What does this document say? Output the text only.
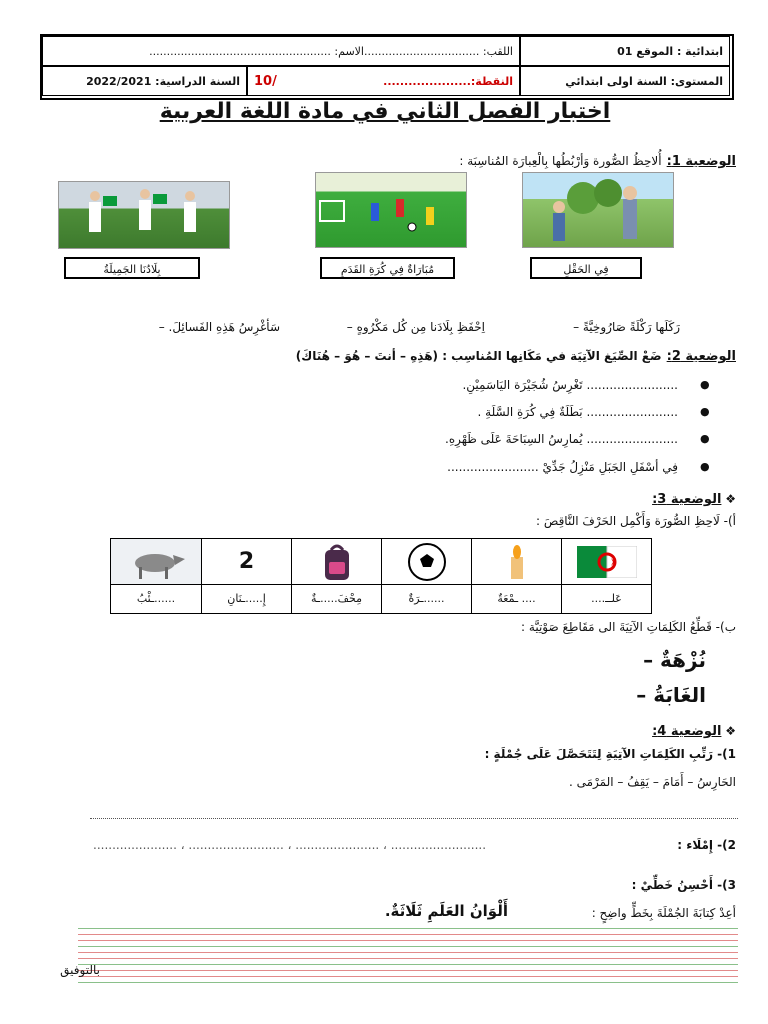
ابتدائية : الموقع 01
اللقب: .................................الاسم: ....................................................
المستوى: السنة اولى ابتدائي
10/	النقطة:.....................
السنة الدراسية: 2022/2021
اختبار الفصل الثاني في مادة اللغة العربية
الوضعية 1: أُلاحِظُ الصُّورة وَأرْبُطُها بِالْعِبارَة المُناسِبَة :
فِي الحَقْلِ
مُبَارَاةٌ فِي كُرَةِ القَدَمِ
بِلَادُنَا الجَمِيلَةُ
رَكَلَها رَكْلَةً صَارُوخِيَّةً –
اِحْفَظِ بِلَادَنا مِن كُل مَكْرُوهٍ –
سَأغْرِسُ هَذِهِ الفَسائِلَ. –
الوضعية 2: ضَعْ الصِّيَغ الآتِيَة في مَكَانِها المُناسِب : (هَذِهِ – أنتَ – هُوَ – هُنَاكَ)
........................ تَغْرِسُ شُجَيْرَة اليَاسَمِيْنِ. ●
........................ بَطَلَةٌ فِي كُرَةِ السَّلَةِ . ●
........................ يُمارِسُ السِبَاحَةَ عَلَى ظَهْرِهِ. ●
فِي أسْفَلِ الجَبَلِ مَنْزِلُ جَدِّيْ ........................ ●
❖ الوضعية 3:
أ)- لَاحِظِ الصُّورَة وَأَكْمِل الحَرْفَ النَّاقِصَ :
عَلــ....
.... ـمْعَةٌ
......ـرَةٌ
مِحْفَ.....ـةٌ
2
إِ.....ـنَانِ
......ـئْبُ
ب)- قَطِّعُ الكَلِمَاتِ الآتِيَةَ الى مَقَاطِعَ صَوْتِيَّة :
نُزْهَةٌ –
الغَابَةُ –
❖ الوضعية 4:
1)- رَتِّبِ الكَلِمَاتِ الآتِيَةِ لِتَتَحَصَّلَ عَلَى جُمْلَةٍ :
الحَارِسُ – أَمَامَ – يَقِفُ – المَرْمَى .
2)- إِمْلَاء :
...................... ، ......................... ، ...................... ، .........................
3)- أَحْسِنُ خَطِّيْ :
أعِدْ كِتابَةَ الجُمْلَةَ بِخَطٍّ واضِحٍ :
أَلْوَانُ العَلَمِ ثَلَاثَةٌ.
بالتوفيق
